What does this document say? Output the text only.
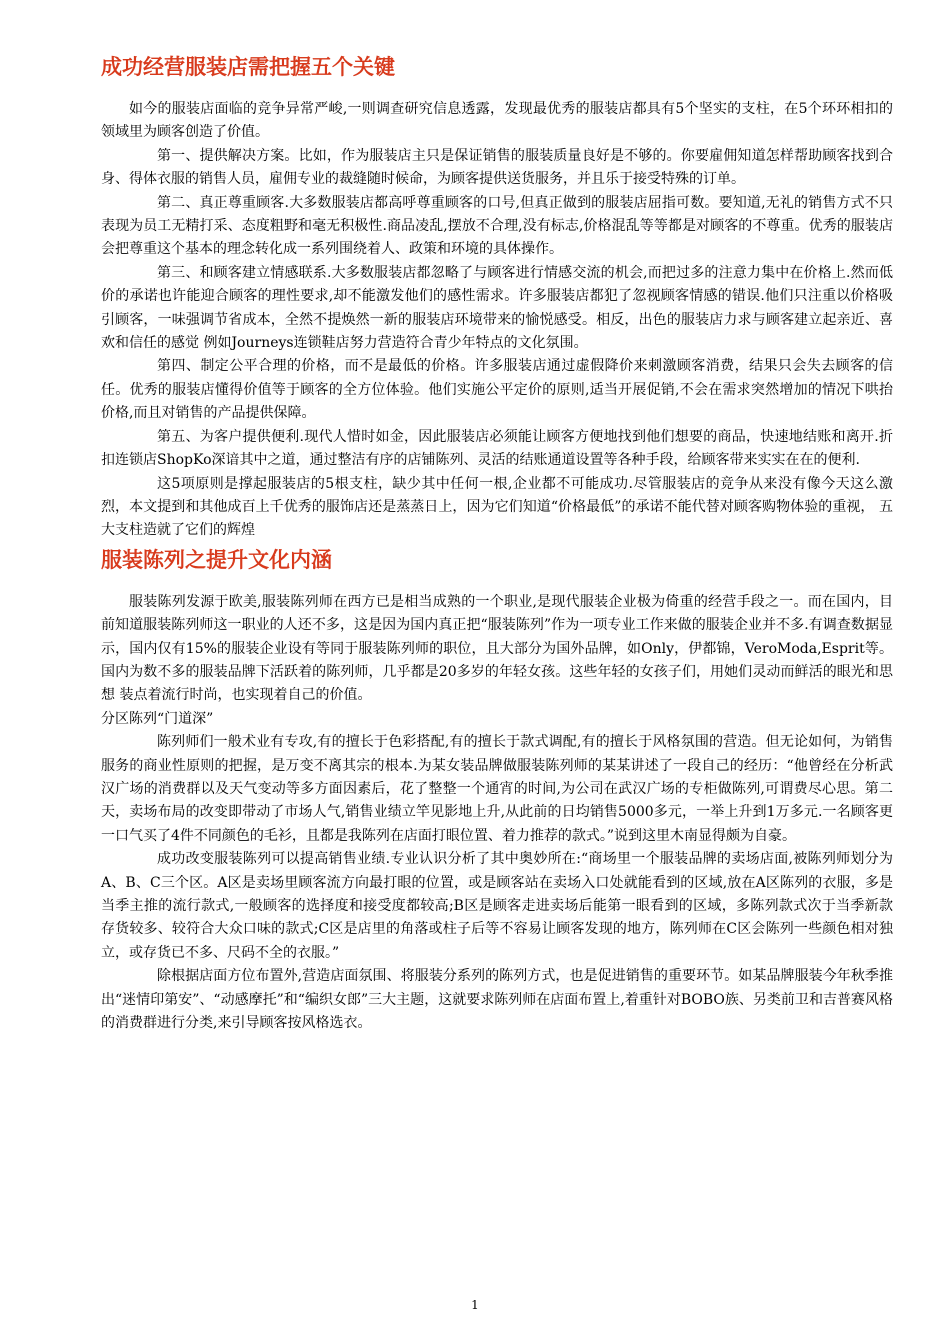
成功经营服装店需把握五个关键

如今的服装店面临的竞争异常严峻,一则调查研究信息透露，发现最优秀的服装店都具有5个坚实的支柱，在5个环环相扣的领域里为顾客创造了价值。

第一、提供解决方案。比如，作为服装店主只是保证销售的服装质量良好是不够的。你要雇佣知道怎样帮助顾客找到合身、得体衣服的销售人员，雇佣专业的裁缝随时候命，为顾客提供送货服务，并且乐于接受特殊的订单。

第二、真正尊重顾客.大多数服装店都高呼尊重顾客的口号,但真正做到的服装店屈指可数。要知道,无礼的销售方式不只表现为员工无精打采、态度粗野和毫无积极性.商品凌乱,摆放不合理,没有标志,价格混乱等等都是对顾客的不尊重。优秀的服装店会把尊重这个基本的理念转化成一系列围绕着人、政策和环境的具体操作。

第三、和顾客建立情感联系.大多数服装店都忽略了与顾客进行情感交流的机会,而把过多的注意力集中在价格上.然而低价的承诺也许能迎合顾客的理性要求,却不能激发他们的感性需求。许多服装店都犯了忽视顾客情感的错误.他们只注重以价格吸引顾客，一味强调节省成本，全然不提焕然一新的服装店环境带来的愉悦感受。相反，出色的服装店力求与顾客建立起亲近、喜欢和信任的感觉 例如Journeys连锁鞋店努力营造符合青少年特点的文化氛围。

第四、制定公平合理的价格，而不是最低的价格。许多服装店通过虚假降价来刺激顾客消费，结果只会失去顾客的信任。优秀的服装店懂得价值等于顾客的全方位体验。他们实施公平定价的原则,适当开展促销,不会在需求突然增加的情况下哄抬价格,而且对销售的产品提供保障。

第五、为客户提供便利.现代人惜时如金，因此服装店必须能让顾客方便地找到他们想要的商品，快速地结账和离开.折扣连锁店ShopKo深谙其中之道，通过整洁有序的店铺陈列、灵活的结账通道设置等各种手段，给顾客带来实实在在的便利.

这5项原则是撑起服装店的5根支柱，缺少其中任何一根,企业都不可能成功.尽管服装店的竞争从来没有像今天这么激烈，本文提到和其他成百上千优秀的服饰店还是蒸蒸日上，因为它们知道“价格最低”的承诺不能代替对顾客购物体验的重视， 五大支柱造就了它们的辉煌

服装陈列之提升文化内涵

服装陈列发源于欧美,服装陈列师在西方已是相当成熟的一个职业,是现代服装企业极为倚重的经营手段之一。而在国内，目前知道服装陈列师这一职业的人还不多，这是因为国内真正把“服装陈列”作为一项专业工作来做的服装企业并不多.有调查数据显示，国内仅有15%的服装企业设有等同于服装陈列师的职位，且大部分为国外品牌，如Only，伊都锦，VeroModa,Esprit等。国内为数不多的服装品牌下活跃着的陈列师，几乎都是20多岁的年轻女孩。这些年轻的女孩子们，用她们灵动而鲜活的眼光和思想 装点着流行时尚，也实现着自己的价值。

分区陈列“门道深”

陈列师们一般术业有专攻,有的擅长于色彩搭配,有的擅长于款式调配,有的擅长于风格氛围的营造。但无论如何，为销售服务的商业性原则的把握，是万变不离其宗的根本.为某女装品牌做服装陈列师的某某讲述了一段自己的经历：“他曾经在分析武汉广场的消费群以及天气变动等多方面因素后，花了整整一个通宵的时间,为公司在武汉广场的专柜做陈列,可谓费尽心思。第二天，卖场布局的改变即带动了市场人气,销售业绩立竿见影地上升,从此前的日均销售5000多元，一举上升到1万多元.一名顾客更一口气买了4件不同颜色的毛衫，且都是我陈列在店面打眼位置、着力推荐的款式。”说到这里木南显得颇为自豪。

成功改变服装陈列可以提高销售业绩.专业认识分析了其中奥妙所在:“商场里一个服装品牌的卖场店面,被陈列师划分为A、B、C三个区。A区是卖场里顾客流方向最打眼的位置，或是顾客站在卖场入口处就能看到的区域,放在A区陈列的衣服，多是当季主推的流行款式,一般顾客的选择度和接受度都较高;B区是顾客走进卖场后能第一眼看到的区域，多陈列款式次于当季新款 存货较多、较符合大众口味的款式;C区是店里的角落或柱子后等不容易让顾客发现的地方，陈列师在C区会陈列一些颜色相对独立，或存货已不多、尺码不全的衣服。”

除根据店面方位布置外,营造店面氛围、将服装分系列的陈列方式，也是促进销售的重要环节。如某品牌服装今年秋季推出“迷情印第安”、“动感摩托”和“编织女郎”三大主题，这就要求陈列师在店面布置上,着重针对BOBO族、另类前卫和吉普赛风格的消费群进行分类,来引导顾客按风格选衣。

1
